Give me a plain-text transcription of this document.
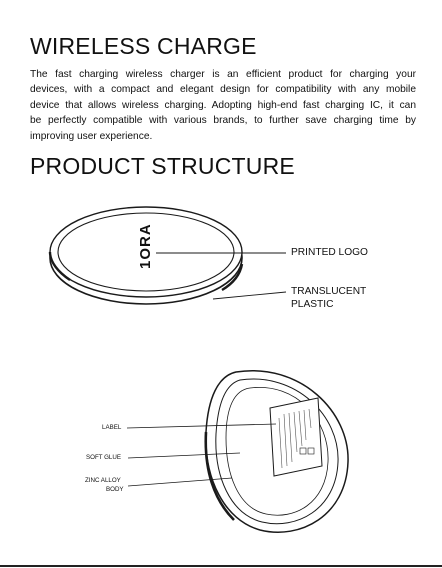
WIRELESS CHARGE

The fast charging wireless charger is an efficient product for charging your
devices, with a compact and elegant design for compatibility with any mobile
device that allows wireless charging. Adopting high-end fast charging IC, it can
be perfectly compatible with various brands, to further save charging time by
improving user experience.

PRODUCT STRUCTURE
1ORA	PRINTED LOGO
TRANSLUCENT
PLASTIC
LABEL
SOFT GLUE
ZINC ALLOY
BODY
